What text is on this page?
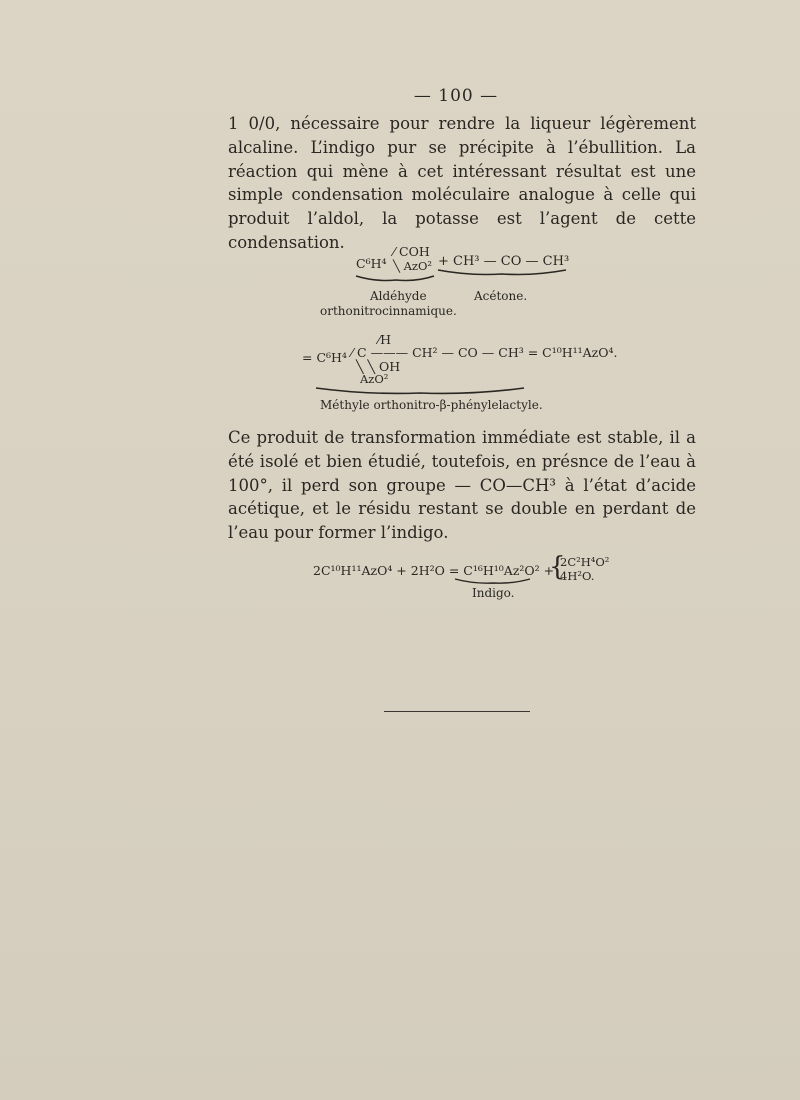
— 100 —

1 0/0, nécessaire pour rendre la liqueur légèrement alcaline. L’indigo pur se précipite à l’ébullition. La réaction qui mène à cet intéressant résultat est une simple condensation moléculaire analogue à celle qui produit l’aldol, la potasse est l’agent de cette condensation.

C⁶H⁴
⁄ COH
╲ AzO² + CH³ — CO — CH³
Aldéhyde
orthonitrocinnamique.
Acétone.
⁄H
= C⁶H⁴ ⁄ C ——— CH² — CO — CH³ = C¹⁰H¹¹AzO⁴.
╲ ╲ OH
AzO²
Méthyle orthonitro-β-phénylelactyle.

Ce produit de transformation immédiate est stable, il a été isolé et bien étudié, toutefois, en présnce de l’eau à 100°, il perd son groupe — CO—CH³ à l’état d’acide acétique, et le résidu restant se double en perdant de l’eau pour former l’indigo.

2C¹⁰H¹¹AzO⁴ + 2H²O = C¹⁶H¹⁰Az²O² +
{
2C²H⁴O²
4H²O.
Indigo.
